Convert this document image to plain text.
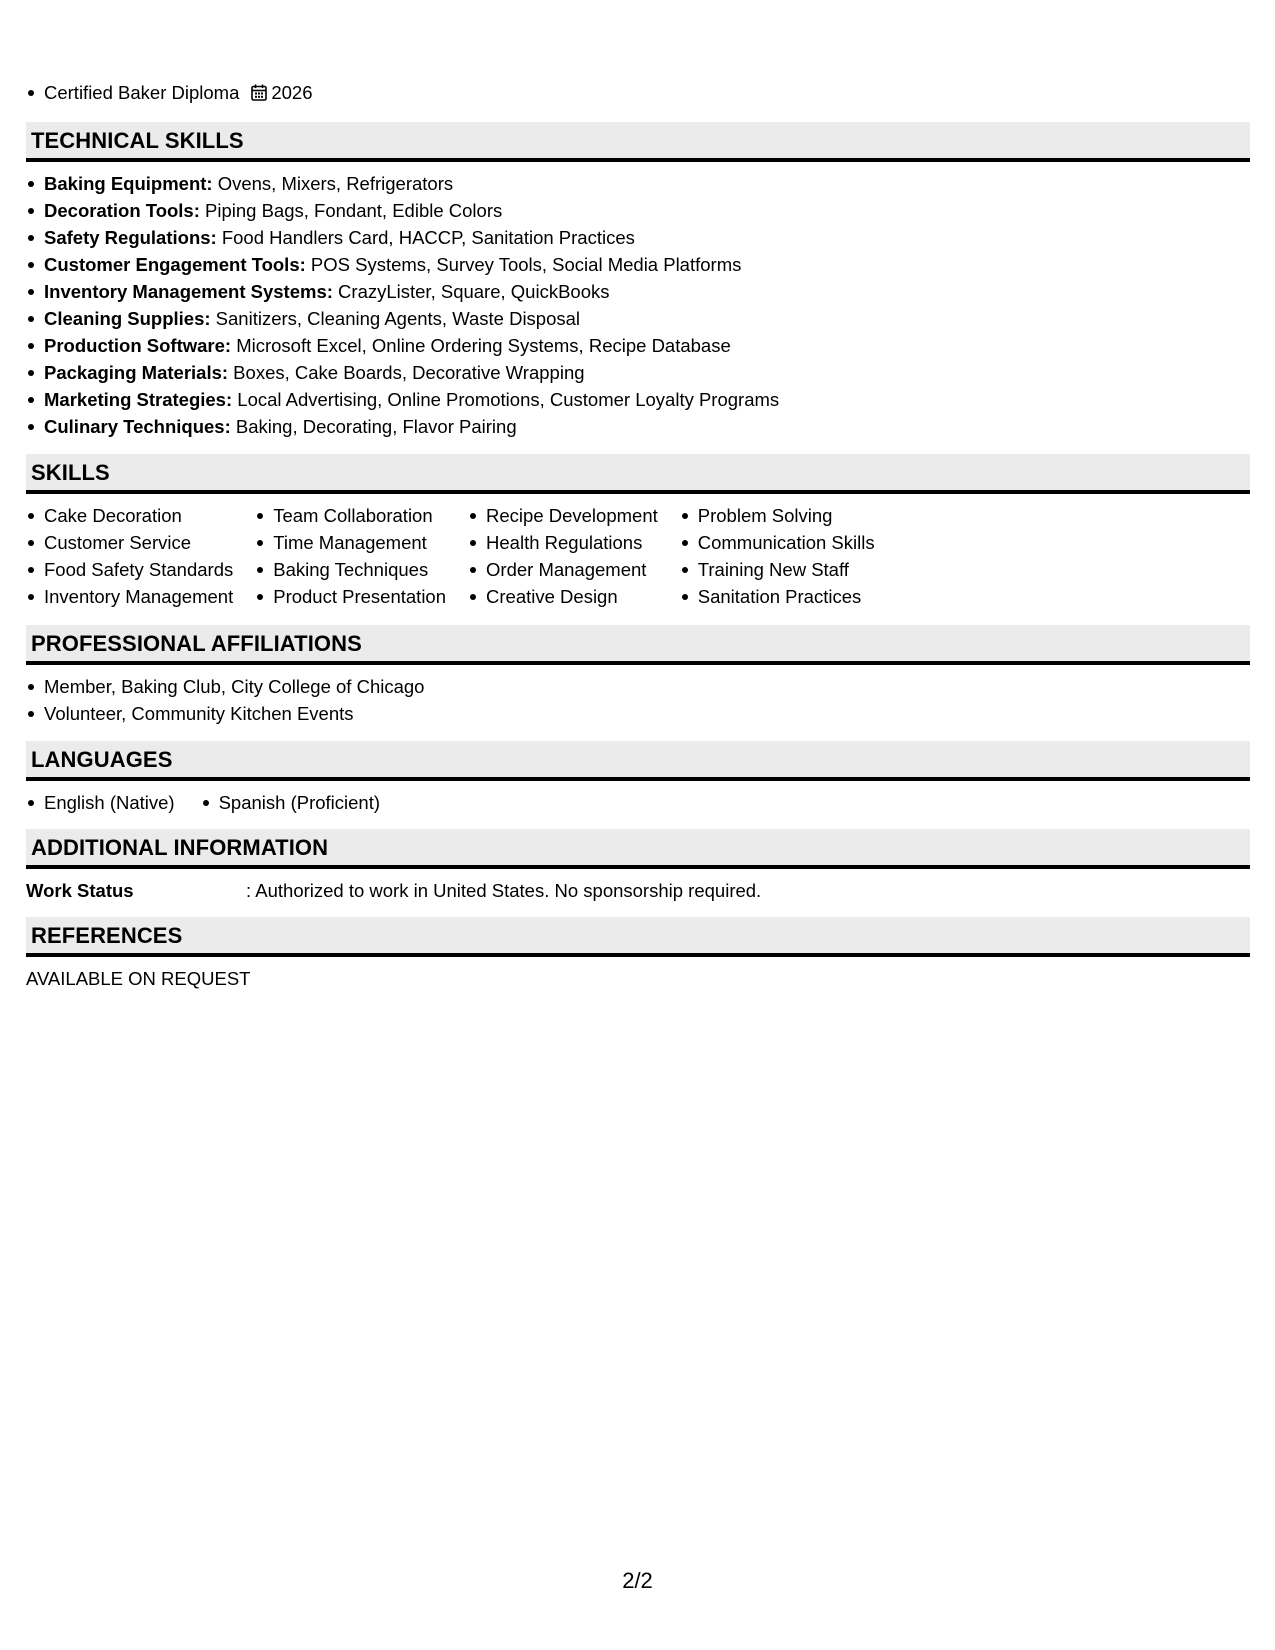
Certified Baker Diploma 2026
TECHNICAL SKILLS
Baking Equipment: Ovens, Mixers, Refrigerators
Decoration Tools: Piping Bags, Fondant, Edible Colors
Safety Regulations: Food Handlers Card, HACCP, Sanitation Practices
Customer Engagement Tools: POS Systems, Survey Tools, Social Media Platforms
Inventory Management Systems: CrazyLister, Square, QuickBooks
Cleaning Supplies: Sanitizers, Cleaning Agents, Waste Disposal
Production Software: Microsoft Excel, Online Ordering Systems, Recipe Database
Packaging Materials: Boxes, Cake Boards, Decorative Wrapping
Marketing Strategies: Local Advertising, Online Promotions, Customer Loyalty Programs
Culinary Techniques: Baking, Decorating, Flavor Pairing
SKILLS
Cake Decoration
Customer Service
Food Safety Standards
Inventory Management
Team Collaboration
Time Management
Baking Techniques
Product Presentation
Recipe Development
Health Regulations
Order Management
Creative Design
Problem Solving
Communication Skills
Training New Staff
Sanitation Practices
PROFESSIONAL AFFILIATIONS
Member, Baking Club, City College of Chicago
Volunteer, Community Kitchen Events
LANGUAGES
English (Native)	Spanish (Proficient)
ADDITIONAL INFORMATION
Work Status	: Authorized to work in United States. No sponsorship required.
REFERENCES
AVAILABLE ON REQUEST
2/2
